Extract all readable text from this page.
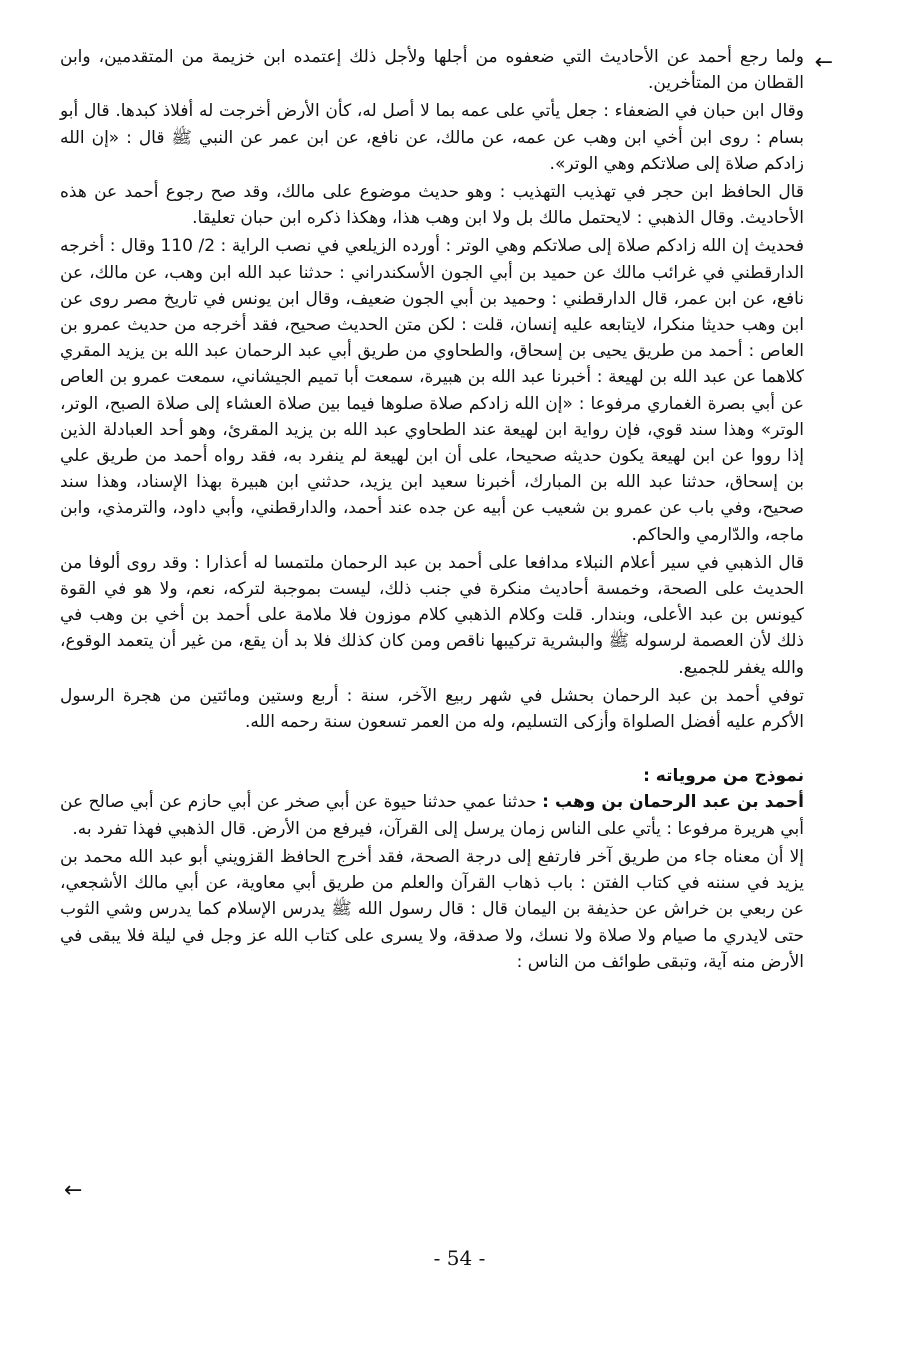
←

ولما رجع أحمد عن الأحاديث التي ضعفوه من أجلها ولأجل ذلك إعتمده ابن خزيمة من المتقدمين، وابن القطان من المتأخرين.

وقال ابن حبان في الضعفاء : جعل يأتي على عمه بما لا أصل له، كأن الأرض أخرجت له أفلاذ كبدها. قال أبو بسام : روى ابن أخي ابن وهب عن عمه، عن مالك، عن نافع، عن ابن عمر عن النبي ﷺ قال : «إن الله زادكم صلاة إلى صلاتكم وهي الوتر».

قال الحافظ ابن حجر في تهذيب التهذيب : وهو حديث موضوع على مالك، وقد صح رجوع أحمد عن هذه الأحاديث. وقال الذهبي : لايحتمل مالك بل ولا ابن وهب هذا، وهكذا ذكره ابن حبان تعليقا.

فحديث إن الله زادكم صلاة إلى صلاتكم وهي الوتر : أورده الزيلعي في نصب الراية : 2/ 110 وقال : أخرجه الدارقطني في غرائب مالك عن حميد بن أبي الجون الأسكندراني : حدثنا عبد الله ابن وهب، عن مالك، عن نافع، عن ابن عمر، قال الدارقطني : وحميد بن أبي الجون ضعيف، وقال ابن يونس في تاريخ مصر روى عن ابن وهب حديثا منكرا، لايتابعه عليه إنسان، قلت : لكن متن الحديث صحيح، فقد أخرجه من حديث عمرو بن العاص : أحمد من طريق يحيى بن إسحاق، والطحاوي من طريق أبي عبد الرحمان عبد الله بن يزيد المقري كلاهما عن عبد الله بن لهيعة : أخبرنا عبد الله بن هبيرة، سمعت أبا تميم الجيشاني، سمعت عمرو بن العاص عن أبي بصرة الغماري مرفوعا : «إن الله زادكم صلاة صلوها فيما بين صلاة العشاء إلى صلاة الصبح، الوتر، الوتر» وهذا سند قوي، فإن رواية ابن لهيعة عند الطحاوي عبد الله بن يزيد المقرئ، وهو أحد العبادلة الذين إذا رووا عن ابن لهيعة يكون حديثه صحيحا، على أن ابن لهيعة لم ينفرد به، فقد رواه أحمد من طريق علي بن إسحاق، حدثنا عبد الله بن المبارك، أخبرنا سعيد ابن يزيد، حدثني ابن هبيرة بهذا الإسناد، وهذا سند صحيح، وفي باب عن عمرو بن شعيب عن أبيه عن جده عند أحمد، والدارقطني، وأبي داود، والترمذي، وابن ماجه، والدّارمي والحاكم.

قال الذهبي في سير أعلام النبلاء مدافعا على أحمد بن عبد الرحمان ملتمسا له أعذارا : وقد روى ألوفا من الحديث على الصحة، وخمسة أحاديث منكرة في جنب ذلك، ليست بموجبة لتركه، نعم، ولا هو في القوة كيونس بن عبد الأعلى، وبندار. قلت وكلام الذهبي كلام موزون فلا ملامة على أحمد بن أخي بن وهب في ذلك لأن العصمة لرسوله ﷺ والبشرية تركيبها ناقص ومن كان كذلك فلا بد أن يقع، من غير أن يتعمد الوقوع، والله يغفر للجميع.

توفي أحمد بن عبد الرحمان بحشل في شهر ربيع الآخر، سنة : أربع وستين ومائتين من هجرة الرسول الأكرم عليه أفضل الصلواة وأزكى التسليم، وله من العمر تسعون سنة رحمه الله.

نموذج من مروياته :

أحمد بن عبد الرحمان بن وهب : حدثنا عمي حدثنا حيوة عن أبي صخر عن أبي حازم عن أبي صالح عن أبي هريرة مرفوعا : يأتي على الناس زمان يرسل إلى القرآن، فيرفع من الأرض. قال الذهبي فهذا تفرد به.

إلا أن معناه جاء من طريق آخر فارتفع إلى درجة الصحة، فقد أخرج الحافظ القزويني أبو عبد الله محمد بن يزيد في سننه في كتاب الفتن : باب ذهاب القرآن والعلم من طريق أبي معاوية، عن أبي مالك الأشجعي، عن ربعي بن خراش عن حذيفة بن اليمان قال : قال رسول الله ﷺ يدرس الإسلام كما يدرس وشي الثوب حتى لايدري ما صيام ولا صلاة ولا نسك، ولا صدقة، ولا يسرى على كتاب الله عز وجل في ليلة فلا يبقى في الأرض منه آية، وتبقى طوائف من الناس :

←
- 54 -
